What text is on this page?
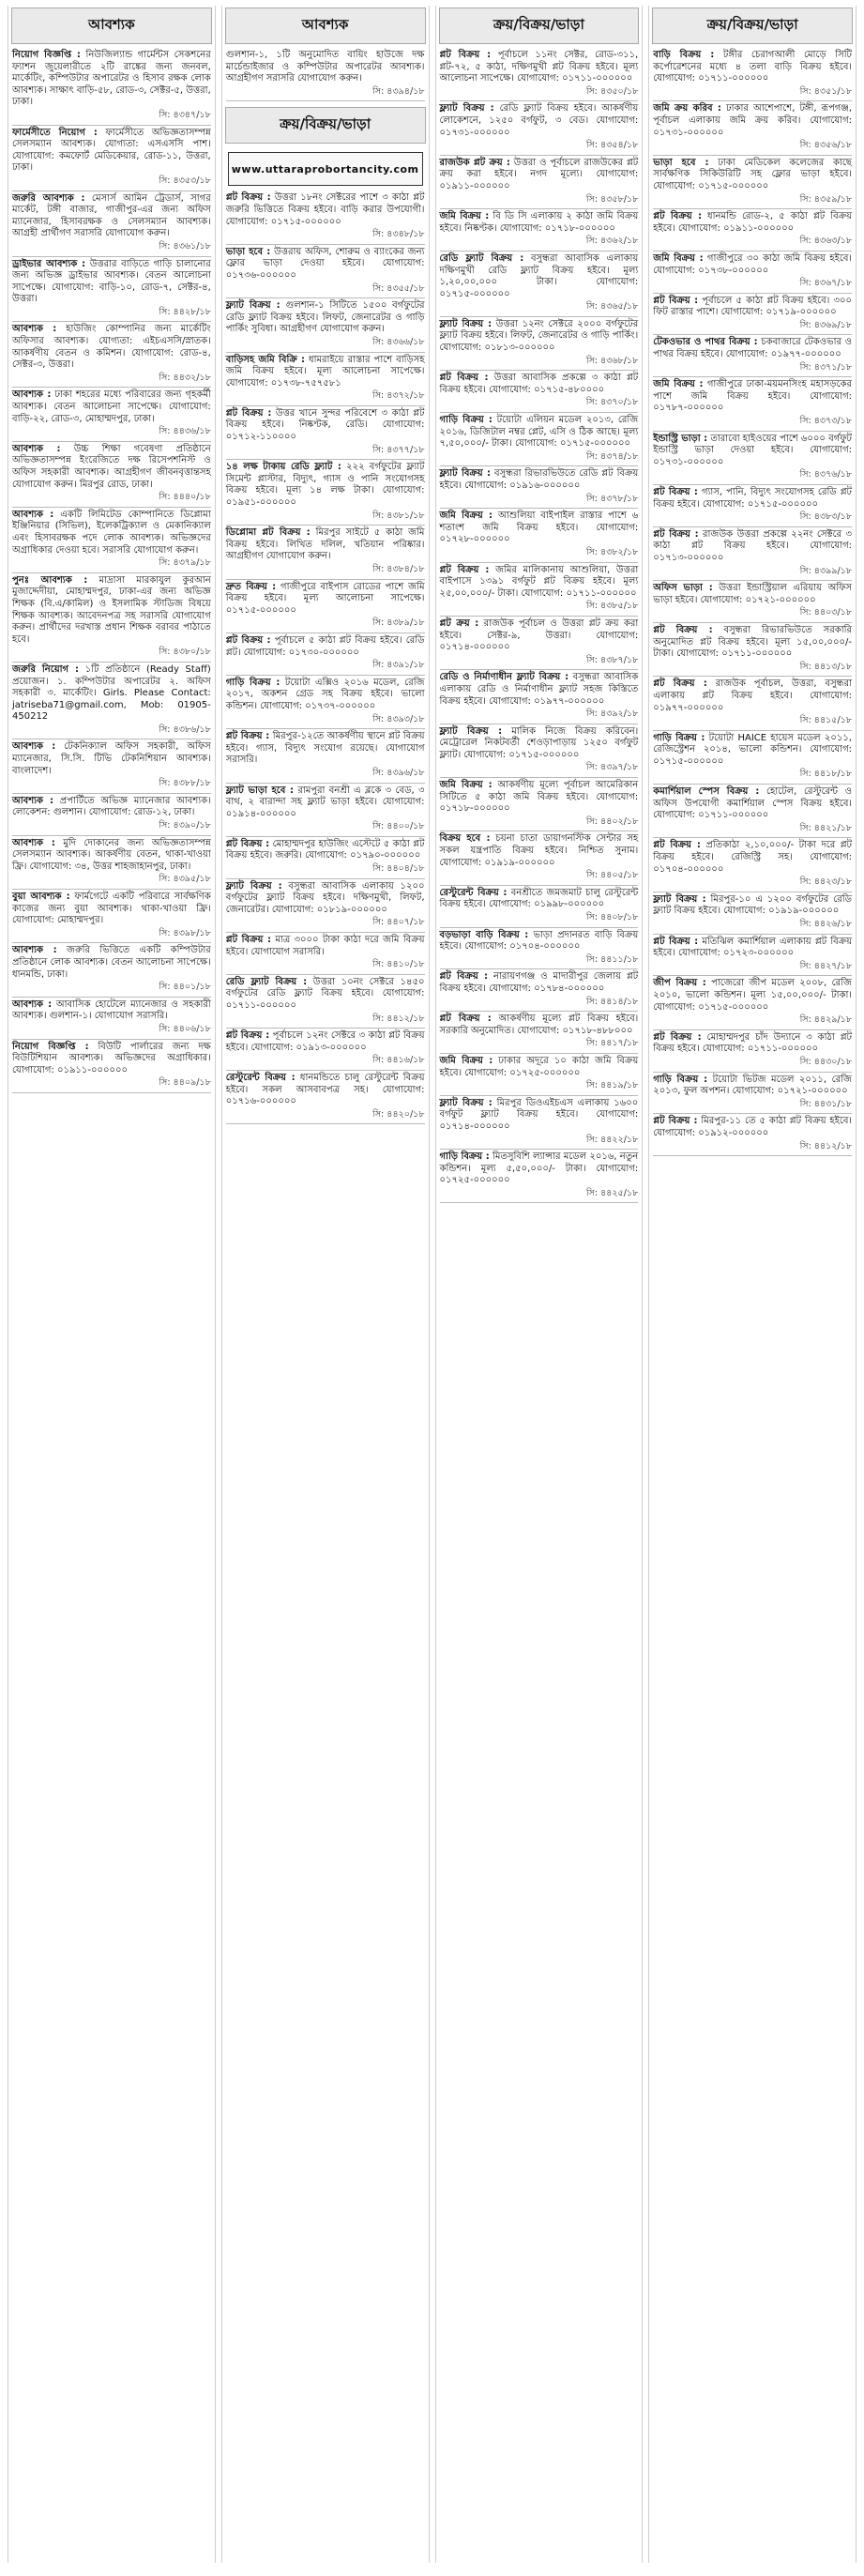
আবশ্যক
নিয়োগ বিজ্ঞপ্তি : নিউজিল্যান্ড গার্মেন্টস সেকশনের ফ্যাশন জুয়েলারীতে ২টি রাঙ্কের জন্য জনবল, মার্কেটিং, কম্পিউটার অপারেটর ও হিসাব রক্ষক লোক আবশ্যক। সাক্ষাৎ বাড়ি-৫৮, রোড-৩, সেক্টর-৫, উত্তরা, ঢাকা।
সি: ৪৩৪৭/১৮
ফার্মেসীতে নিয়োগ : ফার্মেসীতে অভিজ্ঞতাসম্পন্ন সেলসম্যান আবশ্যক। যোগ্যতা: এসএসসি পাশ। যোগাযোগ: কমফোর্ট মেডিকেয়ার, রোড-১১, উত্তরা, ঢাকা।
সি: ৪৩৫৩/১৮
জরুরি আবশ্যক : মেসার্স আমিন ট্রেডার্স, সাগর মার্কেট, টঙ্গী বাজার, গাজীপুর-এর জন্য অফিস ম্যানেজার, হিসাবরক্ষক ও সেলসম্যান আবশ্যক। আগ্রহী প্রার্থীগণ সরাসরি যোগাযোগ করুন।
সি: ৪৩৬১/১৮
ড্রাইভার আবশ্যক : উত্তরার বাড়িতে গাড়ি চালানোর জন্য অভিজ্ঞ ড্রাইভার আবশ্যক। বেতন আলোচনা সাপেক্ষে। যোগাযোগ: বাড়ি-১০, রোড-৭, সেক্টর-৪, উত্তরা।
সি: ৪৪২৮/১৮
আবশ্যক : হাউজিং কোম্পানির জন্য মার্কেটিং অফিসার আবশ্যক। যোগ্যতা: এইচএসসি/স্নাতক। আকর্ষণীয় বেতন ও কমিশন। যোগাযোগ: রোড-৪, সেক্টর-৩, উত্তরা।
সি: ৪৪৩২/১৮
আবশ্যক : ঢাকা শহরের মধ্যে পরিবারের জন্য গৃহকর্মী আবশ্যক। বেতন আলোচনা সাপেক্ষে। যোগাযোগ: বাড়ি-২২, রোড-৩, মোহাম্মদপুর, ঢাকা।
সি: ৪৪৩৬/১৮
আবশ্যক : উচ্চ শিক্ষা গবেষণা প্রতিষ্ঠানে অভিজ্ঞতাসম্পন্ন ইংরেজিতে দক্ষ রিসেপশনিস্ট ও অফিস সহকারী আবশ্যক। আগ্রহীগণ জীবনবৃত্তান্তসহ যোগাযোগ করুন। মিরপুর রোড, ঢাকা।
সি: ৪৪৪০/১৮
আবশ্যক : একটি লিমিটেড কোম্পানিতে ডিপ্লোমা ইঞ্জিনিয়ার (সিভিল), ইলেকট্রিক্যাল ও মেকানিক্যাল এবং হিসাবরক্ষক পদে লোক আবশ্যক। অভিজ্ঞদের অগ্রাধিকার দেওয়া হবে। সরাসরি যোগাযোগ করুন।
সি: ৪৩৭৯/১৮
পুনঃ আবশ্যক : মাদ্রাসা মারকাযুল কুরআন মুজাদ্দেদীয়া, মোহাম্মদপুর, ঢাকা-এর জন্য অভিজ্ঞ শিক্ষক (বি.এ/কামিল) ও ইসলামিক স্টাডিজ বিষয়ে শিক্ষক আবশ্যক। আবেদনপত্র সহ সরাসরি যোগাযোগ করুন। প্রার্থীদের দরখাস্ত প্রধান শিক্ষক বরাবর পাঠাতে হবে।
সি: ৪৩৮০/১৮
জরুরি নিয়োগ : ১টি প্রতিষ্ঠানে (Ready Staff) প্রয়োজন। ১. কম্পিউটার অপারেটর ২. অফিস সহকারী ৩. মার্কেটিং। Girls. Please Contact: jatrisebа71@gmail.com, Mob: 01905-450212
সি: ৪৩৮৬/১৮
আবশ্যক : টেকনিক্যাল অফিস সহকারী, অফিস ম্যানেজার, সি.সি. টিভি টেকনিশিয়ান আবশ্যক। বাংলাদেশ।
সি: ৪৩৮৮/১৮
আবশ্যক : প্রপার্টিতে অভিজ্ঞ ম্যানেজার আবশ্যক। লোকেশন: গুলশান। যোগাযোগ: রোড-১২, ঢাকা।
সি: ৪৩৯০/১৮
আবশ্যক : মুদি দোকানের জন্য অভিজ্ঞতাসম্পন্ন সেলসম্যান আবশ্যক। আকর্ষণীয় বেতন, থাকা-খাওয়া ফ্রি। যোগাযোগ: ৩৪, উত্তর শাহজাহানপুর, ঢাকা।
সি: ৪৩৯৫/১৮
বুয়া আবশ্যক : ফার্মগেটে একটি পরিবারে সার্বক্ষণিক কাজের জন্য বুয়া আবশ্যক। থাকা-খাওয়া ফ্রি। যোগাযোগ: মোহাম্মদপুর।
সি: ৪৩৯৮/১৮
আবশ্যক : জরুরি ভিত্তিতে একটি কম্পিউটার প্রতিষ্ঠানে লোক আবশ্যক। বেতন আলোচনা সাপেক্ষে। ধানমন্ডি, ঢাকা।
সি: ৪৪০১/১৮
আবশ্যক : আবাসিক হোটেলে ম্যানেজার ও সহকারী আবশ্যক। গুলশান-১। যোগাযোগ সরাসরি।
সি: ৪৪০৬/১৮
নিয়োগ বিজ্ঞপ্তি : বিউটি পার্লারের জন্য দক্ষ বিউটিশিয়ান আবশ্যক। অভিজ্ঞদের অগ্রাধিকার। যোগাযোগ: ০১৯১১-০০০০০০
সি: ৪৪০৯/১৮
আবশ্যক
গুলশান-১, ১টি অনুমোদিত বায়িং হাউজে দক্ষ মার্চেন্ডাইজার ও কম্পিউটার অপারেটর আবশ্যক। আগ্রহীগণ সরাসরি যোগাযোগ করুন।
সি: ৪৩৯৪/১৮
ক্রয়/বিক্রয়/ভাড়া
www.uttaraprobortancity.com
প্লট বিক্রয় : উত্তরা ১৮নং সেক্টরের পাশে ৩ কাঠা প্লট জরুরি ভিত্তিতে বিক্রয় হইবে। বাড়ি করার উপযোগী। যোগাযোগ: ০১৭১৫-০০০০০০
সি: ৪৩৪৮/১৮
ভাড়া হবে : উত্তরায় অফিস, শোরুম ও ব্যাংকের জন্য ফ্লোর ভাড়া দেওয়া হইবে। যোগাযোগ: ০১৭৩৬-০০০০০০
সি: ৪৩৫৫/১৮
ফ্ল্যাট বিক্রয় : গুলশান-১ সিটিতে ১৫০০ বর্গফুটের রেডি ফ্ল্যাট বিক্রয় হইবে। লিফট, জেনারেটর ও গাড়ি পার্কিং সুবিধা। আগ্রহীগণ যোগাযোগ করুন।
সি: ৪৩৬৬/১৮
বাড়িসহ জমি বিক্রি : ধামরাইয়ে রাস্তার পাশে বাড়িসহ জমি বিক্রয় হইবে। মূল্য আলোচনা সাপেক্ষে। যোগাযোগ: ০১৭৩৮-৭৫৭৫৮১
সি: ৪৩৭২/১৮
প্লট বিক্রয় : উত্তর খানে সুন্দর পরিবেশে ৩ কাঠা প্লট বিক্রয় হইবে। নিষ্কণ্টক, রেডি। যোগাযোগ: ০১৭১২-১১০০০০
সি: ৪৩৭৭/১৮
১৪ লক্ষ টাকায় রেডি ফ্ল্যাট : ২২২ বর্গফুটের ফ্ল্যাট সিমেন্ট প্লাস্টার, বিদ্যুৎ, গ্যাস ও পানি সংযোগসহ বিক্রয় হইবে। মূল্য ১৪ লক্ষ টাকা। যোগাযোগ: ০১৯৫১-০০০০০০
সি: ৪৩৮১/১৮
ডিপ্লোমা প্লট বিক্রয় : মিরপুর সাইটে ৫ কাঠা জমি বিক্রয় হইবে। লিখিত দলিল, খতিয়ান পরিষ্কার। আগ্রহীগণ যোগাযোগ করুন।
সি: ৪৩৮৪/১৮
দ্রুত বিক্রয় : গাজীপুরে বাইপাস রোডের পাশে জমি বিক্রয় হইবে। মূল্য আলোচনা সাপেক্ষে। ০১৭১৫-০০০০০০
সি: ৪৩৮৯/১৮
প্লট বিক্রয় : পূর্বাচলে ৫ কাঠা প্লট বিক্রয় হইবে। রেডি প্লট। যোগাযোগ: ০১৭৩০-০০০০০০
সি: ৪৩৯১/১৮
গাড়ি বিক্রয় : টয়োটা এক্সিও ২০১৬ মডেল, রেজি ২০১৭, অকশন গ্রেড সহ বিক্রয় হইবে। ভালো কন্ডিশন। যোগাযোগ: ০১৭৩৭-০০০০০০
সি: ৪৩৯৩/১৮
প্লট বিক্রয় : মিরপুর-১২তে আকর্ষণীয় স্থানে প্লট বিক্রয় হইবে। গ্যাস, বিদ্যুৎ সংযোগ রয়েছে। যোগাযোগ সরাসরি।
সি: ৪৩৯৬/১৮
ফ্ল্যাট ভাড়া হবে : রামপুরা বনশ্রী এ ব্লকে ৩ বেড, ৩ বাথ, ২ বারান্দা সহ ফ্ল্যাট ভাড়া হইবে। যোগাযোগ: ০১৯১৪-০০০০০০
সি: ৪৪০০/১৮
প্লট বিক্রয় : মোহাম্মদপুর হাউজিং এস্টেটে ৫ কাঠা প্লট বিক্রয় হইবে। জরুরি। যোগাযোগ: ০১৭৯০-০০০০০০
সি: ৪৪০৪/১৮
ফ্ল্যাট বিক্রয় : বসুন্ধরা আবাসিক এলাকায় ১২০০ বর্গফুটের ফ্ল্যাট বিক্রয় হইবে। দক্ষিণমুখী, লিফট, জেনারেটর। যোগাযোগ: ০১৮১৯-০০০০০০
সি: ৪৪০৭/১৮
প্লট বিক্রয় : মাত্র ৩০০০ টাকা কাঠা দরে জমি বিক্রয় হইবে। যোগাযোগ সরাসরি।
সি: ৪৪১০/১৮
রেডি ফ্ল্যাট বিক্রয় : উত্তরা ১০নং সেক্টরে ১৪৫০ বর্গফুটের রেডি ফ্ল্যাট বিক্রয় হইবে। যোগাযোগ: ০১৭১১-০০০০০০
সি: ৪৪১২/১৮
প্লট বিক্রয় : পূর্বাচলে ১২নং সেক্টরে ৩ কাঠা প্লট বিক্রয় হইবে। যোগাযোগ: ০১৯১৩-০০০০০০
সি: ৪৪১৬/১৮
রেস্টুরেন্ট বিক্রয় : ধানমন্ডিতে চালু রেস্টুরেন্ট বিক্রয় হইবে। সকল আসবাবপত্র সহ। যোগাযোগ: ০১৭১৬-০০০০০০
সি: ৪৪২০/১৮
ক্রয়/বিক্রয়/ভাড়া
প্লট বিক্রয় : পূর্বাচলে ১১নং সেক্টর, রোড-৩১১, প্লট-৭২, ৫ কাঠা, দক্ষিণমুখী প্লট বিক্রয় হইবে। মূল্য আলোচনা সাপেক্ষে। যোগাযোগ: ০১৭১১-০০০০০০
সি: ৪৩৫০/১৮
ফ্ল্যাট বিক্রয় : রেডি ফ্ল্যাট বিক্রয় হইবে। আকর্ষণীয় লোকেশনে, ১২৫০ বর্গফুট, ৩ বেড। যোগাযোগ: ০১৭৩১-০০০০০০
সি: ৪৩৫৪/১৮
রাজউক প্লট ক্রয় : উত্তরা ও পূর্বাচলে রাজউকের প্লট ক্রয় করা হইবে। নগদ মূল্যে। যোগাযোগ: ০১৯১১-০০০০০০
সি: ৪৩৫৮/১৮
জমি বিক্রয় : বি ডি সি এলাকায় ২ কাঠা জমি বিক্রয় হইবে। নিষ্কণ্টক। যোগাযোগ: ০১৭১৮-০০০০০০
সি: ৪৩৬২/১৮
রেডি ফ্ল্যাট বিক্রয় : বসুন্ধরা আবাসিক এলাকায় দক্ষিণমুখী রেডি ফ্ল্যাট বিক্রয় হইবে। মূল্য ১,২০,০০,০০০ টাকা। যোগাযোগ: ০১৭১৫-০০০০০০
সি: ৪৩৬৫/১৮
ফ্ল্যাট বিক্রয় : উত্তরা ১২নং সেক্টরে ২০০০ বর্গফুটের ফ্ল্যাট বিক্রয় হইবে। লিফট, জেনারেটর ও গাড়ি পার্কিং। যোগাযোগ: ০১৮১৩-০০০০০০
সি: ৪৩৬৮/১৮
প্লট বিক্রয় : উত্তরা আবাসিক প্রকল্পে ৩ কাঠা প্লট বিক্রয় হইবে। যোগাযোগ: ০১৭১৫-৪৮০০০০
সি: ৪৩৭০/১৮
গাড়ি বিক্রয় : টয়োটা এলিয়ন মডেল ২০১৩, রেজি ২০১৬, ডিজিটাল নম্বর প্লেট, এসি ও ঠিক আছে। মূল্য ৭,৫০,০০০/- টাকা। যোগাযোগ: ০১৭১৫-০০০০০০
সি: ৪৩৭৪/১৮
ফ্ল্যাট বিক্রয় : বসুন্ধরা রিভারভিউতে রেডি প্লট বিক্রয় হইবে। যোগাযোগ: ০১৯১৬-০০০০০০
সি: ৪৩৭৮/১৮
জমি বিক্রয় : আশুলিয়া বাইপাইল রাস্তার পাশে ৬ শতাংশ জমি বিক্রয় হইবে। যোগাযোগ: ০১৭২৮-০০০০০০
সি: ৪৩৮২/১৮
প্লট বিক্রয় : জমির মালিকানায় আশুলিয়া, উত্তরা বাইপাসে ১৩৯১ বর্গফুট প্লট বিক্রয় হইবে। মূল্য ২৫,০০,০০০/- টাকা। যোগাযোগ: ০১৭১১-০০০০০০
সি: ৪৩৮৫/১৮
প্লট ক্রয় : রাজউক পূর্বাচল ও উত্তরা প্লট ক্রয় করা হইবে। সেক্টর-৯, উত্তরা। যোগাযোগ: ০১৭১৪-০০০০০০
সি: ৪৩৮৭/১৮
রেডি ও নির্মাণাধীন ফ্ল্যাট বিক্রয় : বসুন্ধরা আবাসিক এলাকায় রেডি ও নির্মাণাধীন ফ্ল্যাট সহজ কিস্তিতে বিক্রয় হইবে। যোগাযোগ: ০১৯৭৭-০০০০০০
সি: ৪৩৯২/১৮
ফ্ল্যাট বিক্রয় : মালিক নিজে বিক্রয় করিবেন। মেট্রোরেল নিকটবর্তী শেওড়াপাড়ায় ১২৫০ বর্গফুট ফ্ল্যাট। যোগাযোগ: ০১৭১৫-০০০০০০
সি: ৪৩৯৭/১৮
জমি বিক্রয় : আকর্ষণীয় মূল্যে পূর্বাচল আমেরিকান সিটিতে ৫ কাঠা জমি বিক্রয় হইবে। যোগাযোগ: ০১৭১৮-০০০০০০
সি: ৪৪০২/১৮
বিক্রয় হবে : চয়না চাতা ডায়াগনস্টিক সেন্টার সহ সকল যন্ত্রপাতি বিক্রয় হইবে। নিশ্চিত সুনাম। যোগাযোগ: ০১৯১৯-০০০০০০
সি: ৪৪০৫/১৮
রেস্টুরেন্ট বিক্রয় : বনশ্রীতে জমজমাট চালু রেস্টুরেন্ট বিক্রয় হইবে। যোগাযোগ: ০১৯৯৮-০০০০০০
সি: ৪৪০৮/১৮
বড়ভাড়া বাড়ি বিক্রয় : ভাড়া প্রদানরত বাড়ি বিক্রয় হইবে। যোগাযোগ: ০১৭০৪-০০০০০০
সি: ৪৪১১/১৮
প্লট বিক্রয় : নারায়ণগঞ্জ ও মাদারীপুর জেলায় প্লট বিক্রয় হইবে। যোগাযোগ: ০১৭৮৪-০০০০০০
সি: ৪৪১৪/১৮
প্লট বিক্রয় : আকর্ষণীয় মূল্যে প্লট বিক্রয় হইবে। সরকারি অনুমোদিত। যোগাযোগ: ০১৭১৮-৪৮৮০০০
সি: ৪৪১৭/১৮
জমি বিক্রয় : ঢাকার অদূরে ১০ কাঠা জমি বিক্রয় হইবে। যোগাযোগ: ০১৭২৫-০০০০০০
সি: ৪৪১৯/১৮
ফ্ল্যাট বিক্রয় : মিরপুর ডিওএইচএস এলাকায় ১৬০০ বর্গফুট ফ্ল্যাট বিক্রয় হইবে। যোগাযোগ: ০১৭১৪-০০০০০০
সি: ৪৪২২/১৮
গাড়ি বিক্রয় : মিতসুবিশি ল্যান্সার মডেল ২০১৬, নতুন কন্ডিশন। মূল্য ৫,৫০,০০০/- টাকা। যোগাযোগ: ০১৭২৫-০০০০০০
সি: ৪৪২৫/১৮
ক্রয়/বিক্রয়/ভাড়া
বাড়ি বিক্রয় : টঙ্গীর চেরাগআলী মোড়ে সিটি কর্পোরেশনের মধ্যে ৪ তলা বাড়ি বিক্রয় হইবে। যোগাযোগ: ০১৭১১-০০০০০০
সি: ৪৩৫১/১৮
জমি ক্রয় করিব : ঢাকার আশেপাশে, টঙ্গী, রূপগঞ্জ, পূর্বাচল এলাকায় জমি ক্রয় করিব। যোগাযোগ: ০১৭৩১-০০০০০০
সি: ৪৩৫৬/১৮
ভাড়া হবে : ঢাকা মেডিকেল কলেজের কাছে সার্বক্ষণিক সিকিউরিটি সহ ফ্লোর ভাড়া হইবে। যোগাযোগ: ০১৭১৫-০০০০০০
সি: ৪৩৫৯/১৮
প্লট বিক্রয় : ধানমন্ডি রোড-২, ৫ কাঠা প্লট বিক্রয় হইবে। যোগাযোগ: ০১৯১১-০০০০০০
সি: ৪৩৬৩/১৮
জমি বিক্রয় : গাজীপুরে ৩০ কাঠা জমি বিক্রয় হইবে। যোগাযোগ: ০১৭৩৮-০০০০০০
সি: ৪৩৬৭/১৮
প্লট বিক্রয় : পূর্বাচলে ৫ কাঠা প্লট বিক্রয় হইবে। ৩০০ ফিট রাস্তার পাশে। যোগাযোগ: ০১৭১৯-০০০০০০
সি: ৪৩৬৯/১৮
টেকওভার ও পাথর বিক্রয় : চকবাজারে টেকওভার ও পাথর বিক্রয় হইবে। যোগাযোগ: ০১৯৭৭-০০০০০০
সি: ৪৩৭১/১৮
জমি বিক্রয় : গাজীপুরে ঢাকা-ময়মনসিংহ মহাসড়কের পাশে জমি বিক্রয় হইবে। যোগাযোগ: ০১৭৮৭-০০০০০০
সি: ৪৩৭৩/১৮
ইন্ডাস্ট্রি ভাড়া : তারাবো হাইওয়ের পাশে ৬০০০ বর্গফুট ইন্ডাস্ট্রি ভাড়া দেওয়া হইবে। যোগাযোগ: ০১৭৩১-০০০০০০
সি: ৪৩৭৬/১৮
প্লট বিক্রয় : গ্যাস, পানি, বিদ্যুৎ সংযোগসহ রেডি প্লট বিক্রয় হইবে। যোগাযোগ: ০১৭১৫-০০০০০০
সি: ৪৩৮৩/১৮
প্লট বিক্রয় : রাজউক উত্তরা প্রকল্পে ২২নং সেক্টরে ৩ কাঠা প্লট বিক্রয় হইবে। যোগাযোগ: ০১৭১৩-০০০০০০
সি: ৪৩৯৯/১৮
অফিস ভাড়া : উত্তরা ইন্ডাস্ট্রিয়াল এরিয়ায় অফিস ভাড়া হইবে। যোগাযোগ: ০১৭২১-০০০০০০
সি: ৪৪০৩/১৮
প্লট বিক্রয় : বসুন্ধরা রিভারভিউতে সরকারি অনুমোদিত প্লট বিক্রয় হইবে। মূল্য ১৫,০০,০০০/- টাকা। যোগাযোগ: ০১৭১১-০০০০০০
সি: ৪৪১৩/১৮
প্লট বিক্রয় : রাজউক পূর্বাচল, উত্তরা, বসুন্ধরা এলাকায় প্লট বিক্রয় হইবে। যোগাযোগ: ০১৯৭৭-০০০০০০
সি: ৪৪১৫/১৮
গাড়ি বিক্রয় : টয়োটা HAICE হায়েস মডেল ২০১১, রেজিস্ট্রেশন ২০১৪, ভালো কন্ডিশন। যোগাযোগ: ০১৭১৫-০০০০০০
সি: ৪৪১৮/১৮
কমার্শিয়াল স্পেস বিক্রয় : হোটেল, রেস্টুরেন্ট ও অফিস উপযোগী কমার্শিয়াল স্পেস বিক্রয় হইবে। যোগাযোগ: ০১৭১১-০০০০০০
সি: ৪৪২১/১৮
প্লট বিক্রয় : প্রতিকাঠা ২,১০,০০০/- টাকা দরে প্লট বিক্রয় হইবে। রেজিস্ট্রি সহ। যোগাযোগ: ০১৭০৪-০০০০০০
সি: ৪৪২৩/১৮
ফ্ল্যাট বিক্রয় : মিরপুর-১০ এ ১২০০ বর্গফুটের রেডি ফ্ল্যাট বিক্রয় হইবে। যোগাযোগ: ০১৯১৯-০০০০০০
সি: ৪৪২৬/১৮
প্লট বিক্রয় : মতিঝিল কমার্শিয়াল এলাকায় প্লট বিক্রয় হইবে। যোগাযোগ: ০১৭২৩-০০০০০০
সি: ৪৪২৭/১৮
জীপ বিক্রয় : পাজেরো জীপ মডেল ২০০৮, রেজি ২০১০, ভালো কন্ডিশন। মূল্য ১৫,০০,০০০/- টাকা। যোগাযোগ: ০১৭১৫-০০০০০০
সি: ৪৪২৯/১৮
প্লট বিক্রয় : মোহাম্মদপুর চাঁদ উদ্যানে ৩ কাঠা প্লট বিক্রয় হইবে। যোগাযোগ: ০১৭১১-০০০০০০
সি: ৪৪৩০/১৮
গাড়ি বিক্রয় : টয়োটা ভিটজ মডেল ২০১১, রেজি ২০১৩, ফুল অপশন। যোগাযোগ: ০১৭২১-০০০০০০
সি: ৪৪৩১/১৮
প্লট বিক্রয় : মিরপুর-১১ তে ৫ কাঠা প্লট বিক্রয় হইবে। যোগাযোগ: ০১৯১২-০০০০০০
সি: ৪৪১২/১৮
